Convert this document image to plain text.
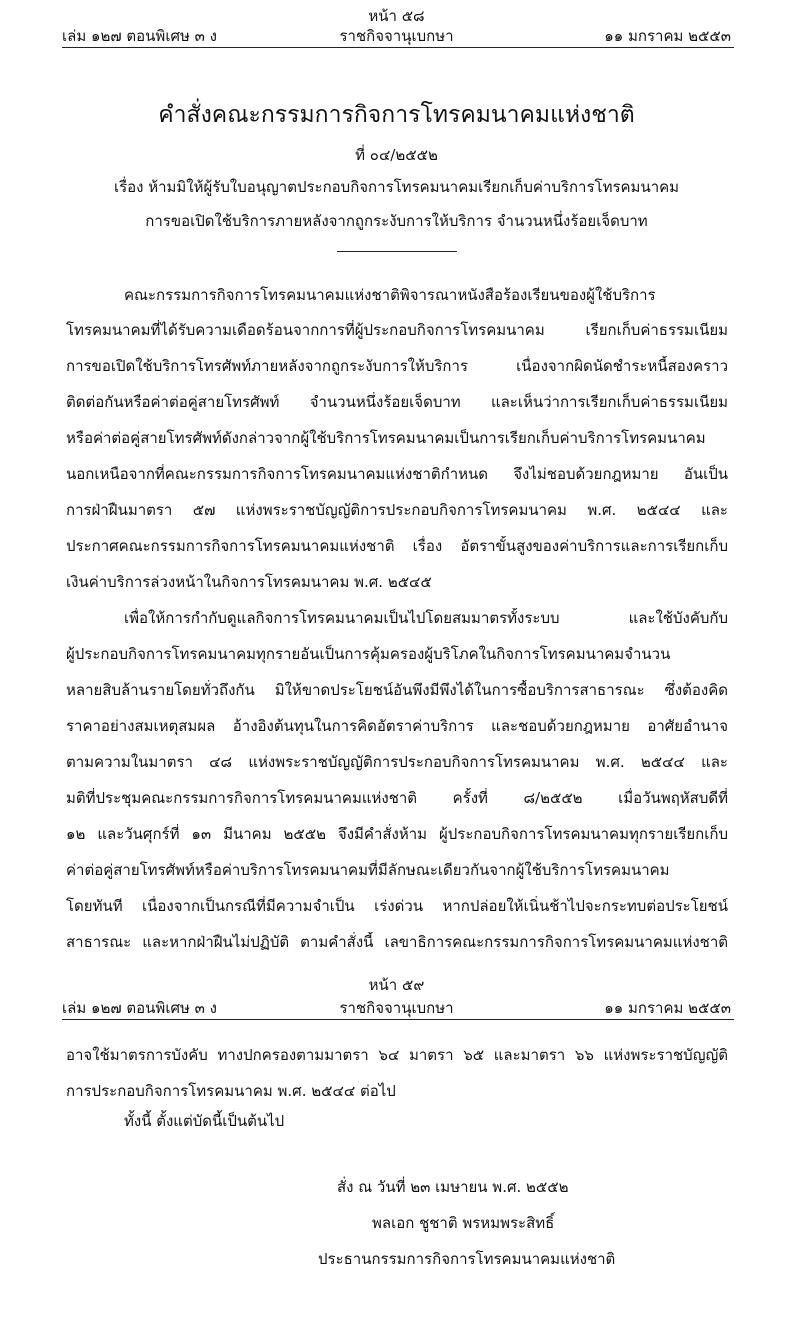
หน้า ๕๘
เล่ม ๑๒๗ ตอนพิเศษ ๓ ง	ราชกิจจานุเบกษา	๑๑ มกราคม ๒๕๕๓
คำสั่งคณะกรรมการกิจการโทรคมนาคมแห่งชาติ
ที่ ๐๔/๒๕๕๒
เรื่อง ห้ามมิให้ผู้รับใบอนุญาตประกอบกิจการโทรคมนาคมเรียกเก็บค่าบริการโทรคมนาคม
การขอเปิดใช้บริการภายหลังจากถูกระงับการให้บริการ จำนวนหนึ่งร้อยเจ็ดบาท
คณะกรรมการกิจการโทรคมนาคมแห่งชาติพิจารณาหนังสือร้องเรียนของผู้ใช้บริการ
โทรคมนาคมที่ได้รับความเดือดร้อนจากการที่ผู้ประกอบกิจการโทรคมนาคม เรียกเก็บค่าธรรมเนียม
การขอเปิดใช้บริการโทรศัพท์ภายหลังจากถูกระงับการให้บริการ เนื่องจากผิดนัดชำระหนี้สองคราว
ติดต่อกันหรือค่าต่อคู่สายโทรศัพท์ จำนวนหนึ่งร้อยเจ็ดบาท และเห็นว่าการเรียกเก็บค่าธรรมเนียม
หรือค่าต่อคู่สายโทรศัพท์ดังกล่าวจากผู้ใช้บริการโทรคมนาคมเป็นการเรียกเก็บค่าบริการโทรคมนาคม
นอกเหนือจากที่คณะกรรมการกิจการโทรคมนาคมแห่งชาติกำหนด จึงไม่ชอบด้วยกฎหมาย อันเป็น
การฝ่าฝืนมาตรา ๕๗ แห่งพระราชบัญญัติการประกอบกิจการโทรคมนาคม พ.ศ. ๒๕๔๔ และ
ประกาศคณะกรรมการกิจการโทรคมนาคมแห่งชาติ เรื่อง อัตราขั้นสูงของค่าบริการและการเรียกเก็บ
เงินค่าบริการล่วงหน้าในกิจการโทรคมนาคม พ.ศ. ๒๕๔๕
เพื่อให้การกำกับดูแลกิจการโทรคมนาคมเป็นไปโดยสมมาตรทั้งระบบ และใช้บังคับกับ
ผู้ประกอบกิจการโทรคมนาคมทุกรายอันเป็นการคุ้มครองผู้บริโภคในกิจการโทรคมนาคมจำนวน
หลายสิบล้านรายโดยทั่วถึงกัน มิให้ขาดประโยชน์อันพึงมีพึงได้ในการซื้อบริการสาธารณะ ซึ่งต้องคิด
ราคาอย่างสมเหตุสมผล อ้างอิงต้นทุนในการคิดอัตราค่าบริการ และชอบด้วยกฎหมาย อาศัยอำนาจ
ตามความในมาตรา ๔๘ แห่งพระราชบัญญัติการประกอบกิจการโทรคมนาคม พ.ศ. ๒๕๔๔ และ
มติที่ประชุมคณะกรรมการกิจการโทรคมนาคมแห่งชาติ ครั้งที่ ๘/๒๕๕๒ เมื่อวันพฤหัสบดีที่
๑๒ และวันศุกร์ที่ ๑๓ มีนาคม ๒๕๕๒ จึงมีคำสั่งห้าม ผู้ประกอบกิจการโทรคมนาคมทุกรายเรียกเก็บ
ค่าต่อคู่สายโทรศัพท์หรือค่าบริการโทรคมนาคมที่มีลักษณะเดียวกันจากผู้ใช้บริการโทรคมนาคม
โดยทันที เนื่องจากเป็นกรณีที่มีความจำเป็น เร่งด่วน หากปล่อยให้เนิ่นช้าไปจะกระทบต่อประโยชน์
สาธารณะ และหากฝ่าฝืนไม่ปฏิบัติ ตามคำสั่งนี้ เลขาธิการคณะกรรมการกิจการโทรคมนาคมแห่งชาติ
หน้า ๕๙
เล่ม ๑๒๗ ตอนพิเศษ ๓ ง	ราชกิจจานุเบกษา	๑๑ มกราคม ๒๕๕๓
อาจใช้มาตรการบังคับ ทางปกครองตามมาตรา ๖๔ มาตรา ๖๕ และมาตรา ๖๖ แห่งพระราชบัญญัติ
การประกอบกิจการโทรคมนาคม พ.ศ. ๒๕๔๔ ต่อไป
ทั้งนี้ ตั้งแต่บัดนี้เป็นต้นไป
สั่ง ณ วันที่ ๒๓ เมษายน พ.ศ. ๒๕๕๒
พลเอก ชูชาติ พรหมพระสิทธิ์
ประธานกรรมการกิจการโทรคมนาคมแห่งชาติ
